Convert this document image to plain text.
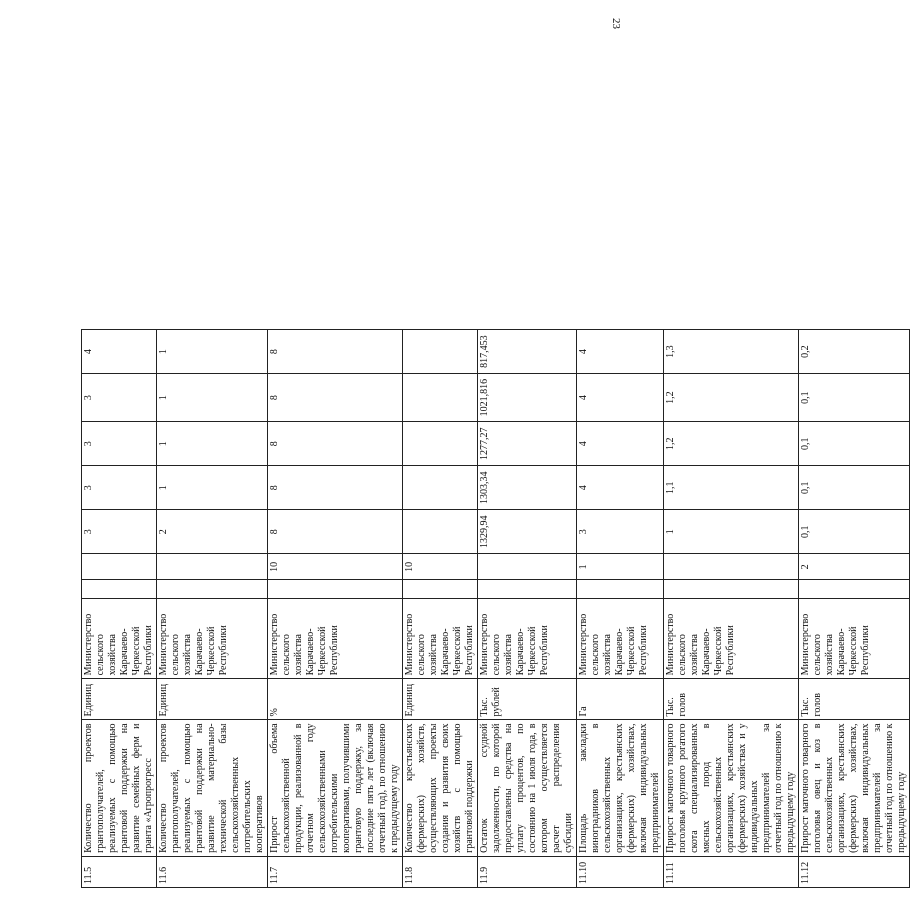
23
11.5	Количество проектов грантополучателей, реализуемых с помощью грантовой поддержки на развитие семейных ферм и гранта «Агропрогресс	Единиц	Министерство сельского хозяйства Карачаево-Черкесской Республики			3	3	3	3	4
11.6	Количество проектов грантополучателей, реализуемых с помощью грантовой поддержки на развитие материально-технической базы сельскохозяйственных потребительских кооперативов	Единиц	Министерство сельского хозяйства Карачаево-Черкесской Республики			2	1	1	1	1
11.7	Прирост объема сельскохозяйственной продукции, реализованной в отчетном году сельскохозяйственными потребительскими кооперативами, получившими грантовую поддержку, за последние пять лет (включая отчетный год), по отношению к предыдущему году	%	Министерство сельского хозяйства Карачаево-Черкесской Республики		10	8	8	8	8	8
11.8	Количество крестьянских (фермерских) хозяйств, осуществляющих проекты создания и развития своих хозяйств с помощью грантовой поддержки	Единиц	Министерство сельского хозяйства Карачаево-Черкесской Республики		10					
11.9	Остаток ссудной задолженности, по которой предоставлены средства на уплату процентов, по состоянию на 1 июля года, в котором осуществляется расчет распределения субсидии	Тыс. рублей	Министерство сельского хозяйства Карачаево-Черкесской Республики			1329,94	1303,34	1277,27	1021,816	817,453
11.10	Площадь закладки виноградников в сельскохозяйственных организациях, крестьянских (фермерских) хозяйствах, включая индивидуальных предпринимателей	Га	Министерство сельского хозяйства Карачаево-Черкесской Республики		1	3	4	4	4	4
11.11	Прирост маточного товарного поголовья крупного рогатого скота специализированных мясных пород в сельскохозяйственных организациях, крестьянских (фермерских) хозяйствах и у индивидуальных предпринимателей за отчетный год по отношению к предыдущему году	Тыс. голов	Министерство сельского хозяйства Карачаево-Черкесской Республики			1	1,1	1,2	1,2	1,3
11.12	Прирост маточного товарного поголовья овец и коз в сельскохозяйственных организациях, крестьянских (фермерских) хозяйствах, включая индивидуальных предпринимателей за отчетный год по отношению к предыдущему году	Тыс. голов	Министерство сельского хозяйства Карачаево-Черкесской Республики		2	0,1	0,1	0,1	0,1	0,2
